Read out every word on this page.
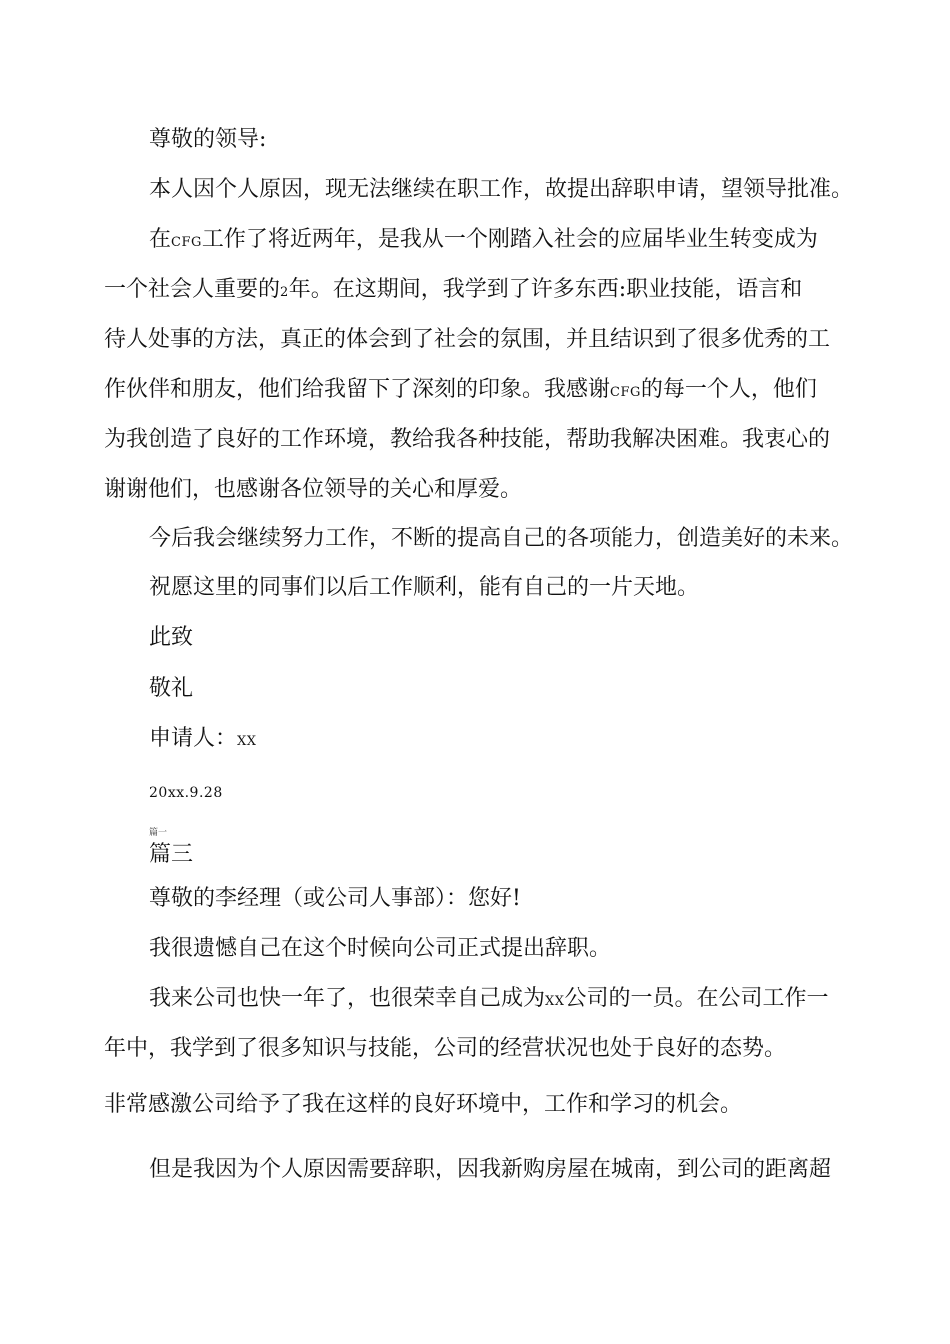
尊敬的领导:

本人因个人原因，现无法继续在职工作，故提出辞职申请，望领导批准。

在CFG工作了将近两年，是我从一个刚踏入社会的应届毕业生转变成为

一个社会人重要的2年。在这期间，我学到了许多东西:职业技能，语言和

待人处事的方法，真正的体会到了社会的氛围，并且结识到了很多优秀的工

作伙伴和朋友，他们给我留下了深刻的印象。我感谢CFG的每一个人，他们

为我创造了良好的工作环境，教给我各种技能，帮助我解决困难。我衷心的

谢谢他们，也感谢各位领导的关心和厚爱。

今后我会继续努力工作，不断的提高自己的各项能力，创造美好的未来。

祝愿这里的同事们以后工作顺利，能有自己的一片天地。

此致

敬礼

申请人：XX

20xx.9.28

篇一

篇三

尊敬的李经理（或公司人事部）：您好!

我很遗憾自己在这个时候向公司正式提出辞职。

我来公司也快一年了，也很荣幸自己成为XX公司的一员。在公司工作一

年中，我学到了很多知识与技能，公司的经营状况也处于良好的态势。

非常感激公司给予了我在这样的良好环境中，工作和学习的机会。

但是我因为个人原因需要辞职，因我新购房屋在城南，到公司的距离超
